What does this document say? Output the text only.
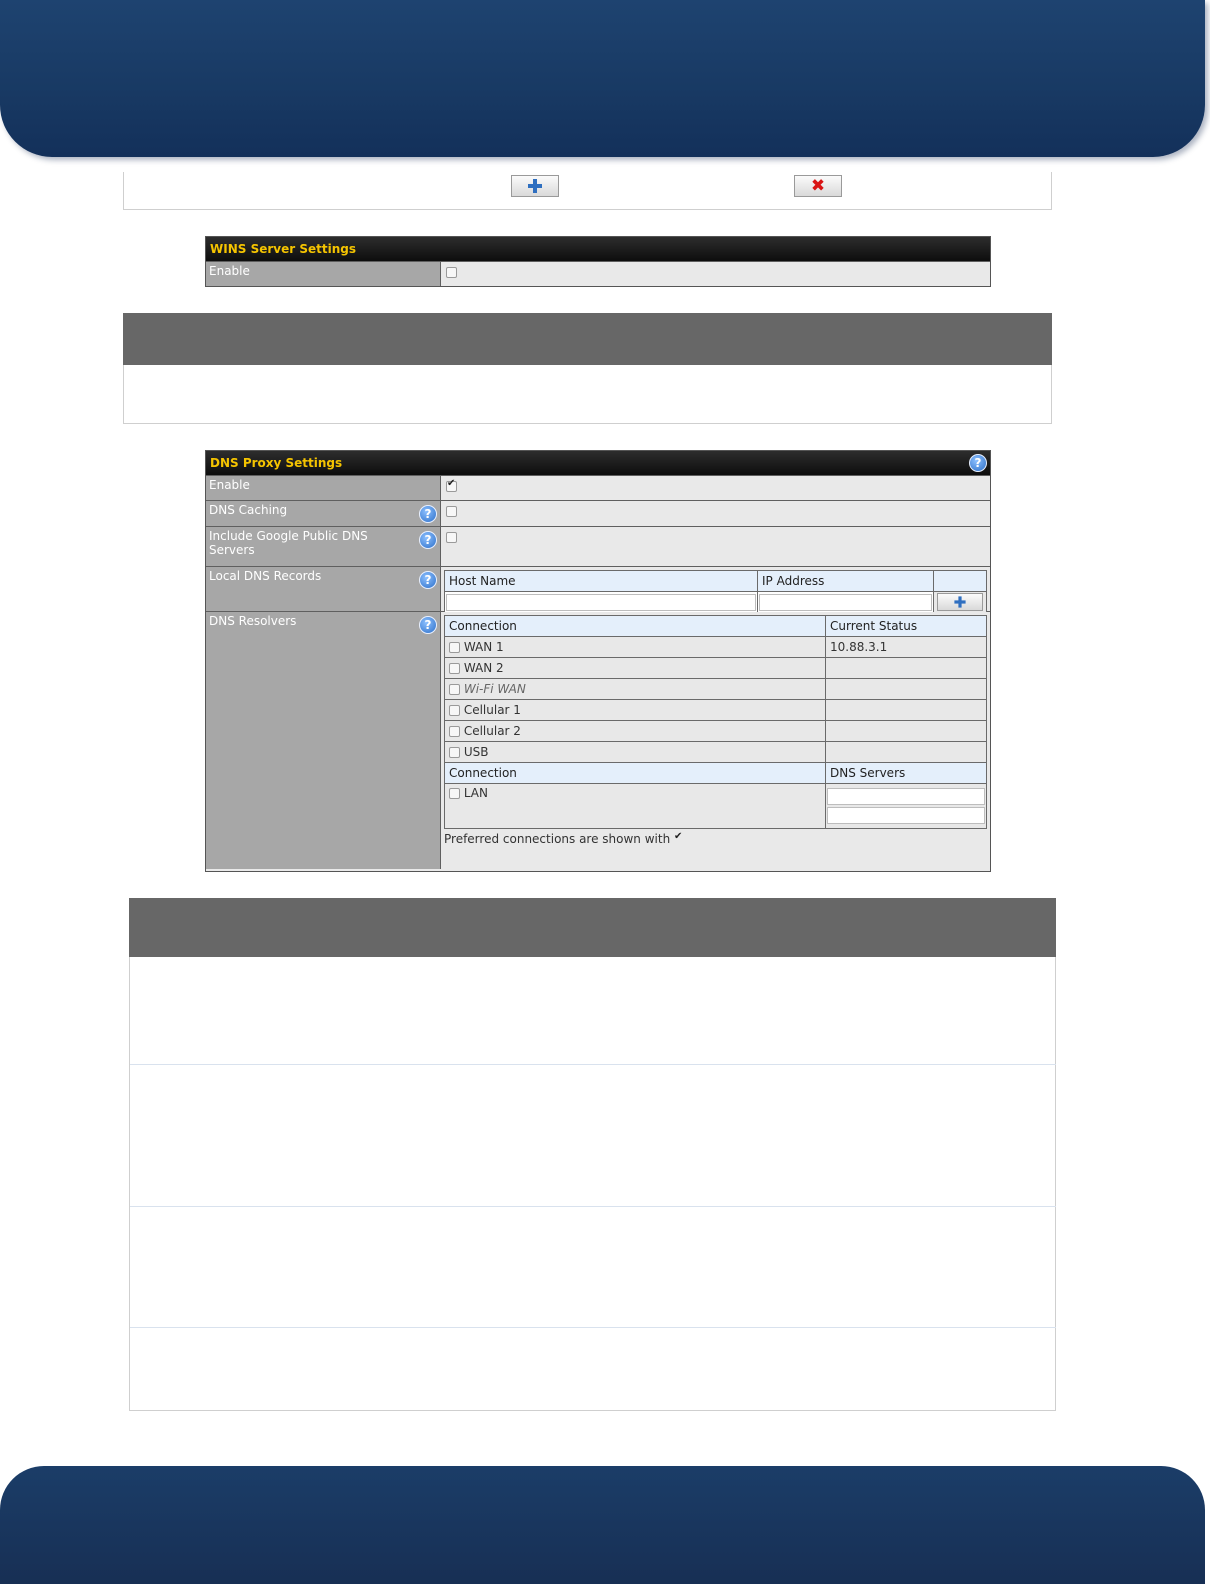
✖
WINS Server Settings
Enable
DNS Proxy Settings	?
Enable
✔
DNS Caching	?
Include Google Public DNS Servers
?
Local DNS Records	?	Host Name	IP Address	

DNS Resolvers	?	Connection	Current Status
WAN 1	10.88.3.1
WAN 2	
Wi-Fi WAN	
Cellular 1	
Cellular 2	
USB	
Connection	DNS Servers
LAN	
Preferred connections are shown with ✔
